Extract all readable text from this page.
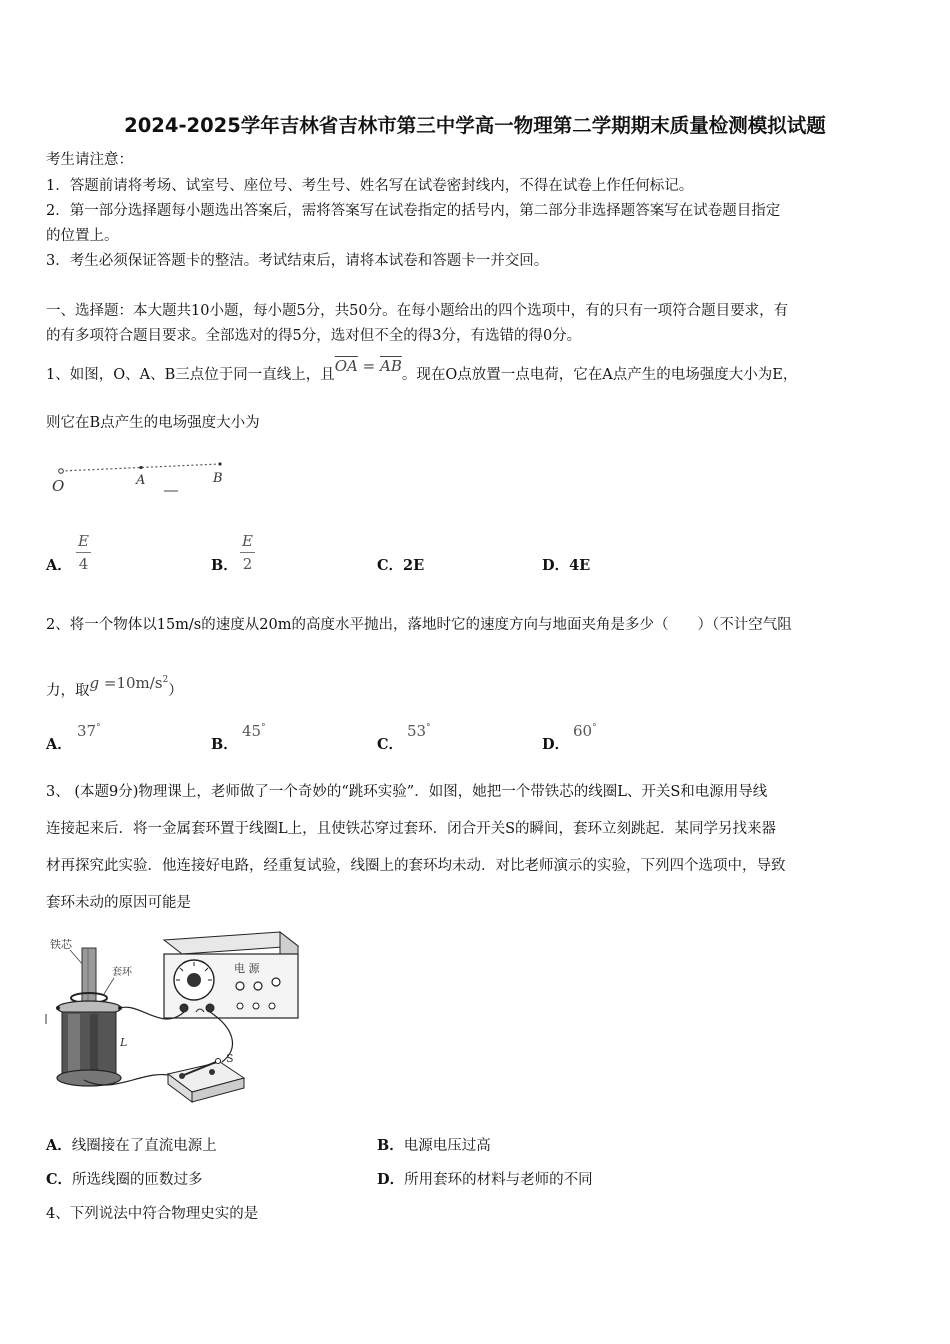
2024-2025学年吉林省吉林市第三中学高一物理第二学期期末质量检测模拟试题
考生请注意：
1．答题前请将考场、试室号、座位号、考生号、姓名写在试卷密封线内，不得在试卷上作任何标记。
2．第一部分选择题每小题选出答案后，需将答案写在试卷指定的括号内，第二部分非选择题答案写在试卷题目指定
的位置上。
3．考生必须保证答题卡的整洁。考试结束后，请将本试卷和答题卡一并交回。
一、选择题：本大题共10小题，每小题5分，共50分。在每小题给出的四个选项中，有的只有一项符合题目要求，有
的有多项符合题目要求。全部选对的得5分，选对但不全的得3分，有选错的得0分。
1、如图，O、A、B三点位于同一直线上，且$\overline{OA} = \overline{AB}$。现在O点放置一点电荷，它在A点产生的电场强度大小为E，
则它在B点产生的电场强度大小为
O	A	B
A． $\frac{E}{4}$	B． $\frac{E}{2}$	C．2E	D．4E
2、将一个物体以15m/s的速度从20m的高度水平抛出，落地时它的速度方向与地面夹角是多少（　　）（不计空气阻
力，取$g =10m/s^2$）
A．
37°
B．
45°
C．
53°
D．
60°
3、 (本题9分)物理课上，老师做了一个奇妙的“跳环实验”．如图，她把一个带铁芯的线圈L、开关S和电源用导线
连接起来后．将一金属套环置于线圈L上，且使铁芯穿过套环．闭合开关S的瞬间，套环立刻跳起．某同学另找来器
材再探究此实验．他连接好电路，经重复试验，线圈上的套环均未动．对比老师演示的实验，下列四个选项中，导致
套环未动的原因可能是
铁芯
套环
L
电 源
S
A．线圈接在了直流电源上	B．电源电压过高
C．所选线圈的匝数过多	D．所用套环的材料与老师的不同
4、下列说法中符合物理史实的是
